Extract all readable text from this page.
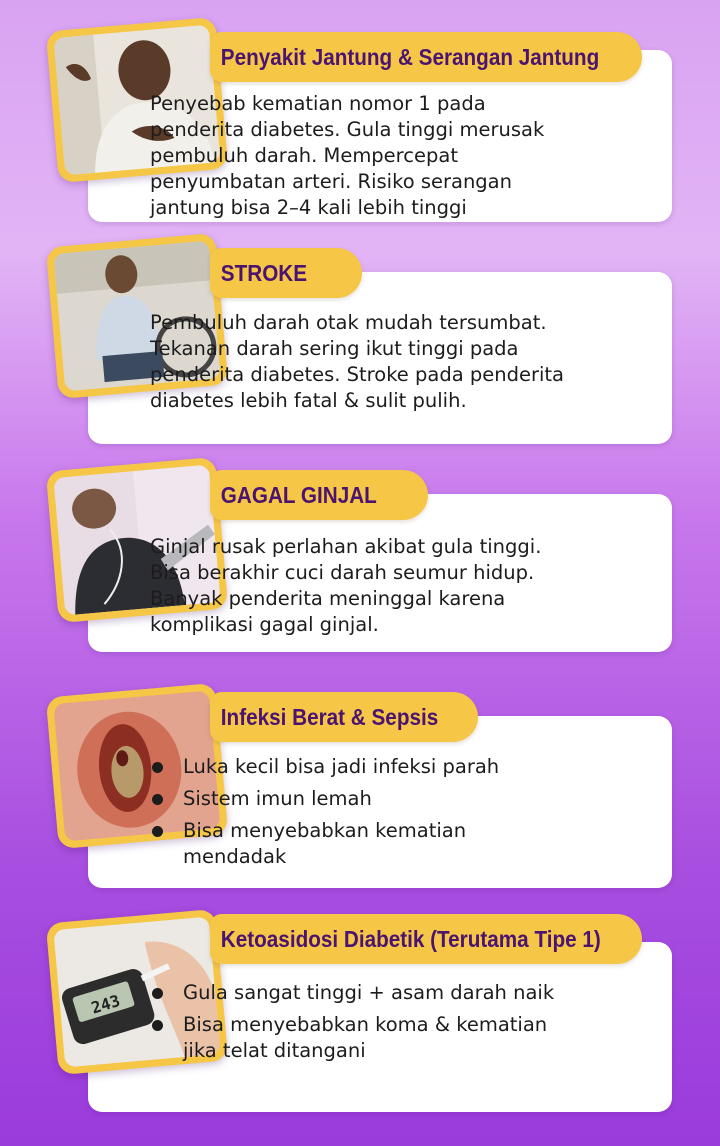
Penyakit Jantung & Serangan Jantung
Penyebab kematian nomor 1 pada penderita diabetes. Gula tinggi merusak pembuluh darah. Mempercepat penyumbatan arteri. Risiko serangan jantung bisa 2–4 kali lebih tinggi
STROKE
Pembuluh darah otak mudah tersumbat. Tekanan darah sering ikut tinggi pada penderita diabetes. Stroke pada penderita diabetes lebih fatal & sulit pulih.
GAGAL GINJAL
Ginjal rusak perlahan akibat gula tinggi. Bisa berakhir cuci darah seumur hidup. Banyak penderita meninggal karena komplikasi gagal ginjal.
Infeksi Berat & Sepsis
Luka kecil bisa jadi infeksi parah
Sistem imun lemah
Bisa menyebabkan kematian mendadak
243
Ketoasidosi Diabetik (Terutama Tipe 1)
Gula sangat tinggi + asam darah naik
Bisa menyebabkan koma & kematian jika telat ditangani
